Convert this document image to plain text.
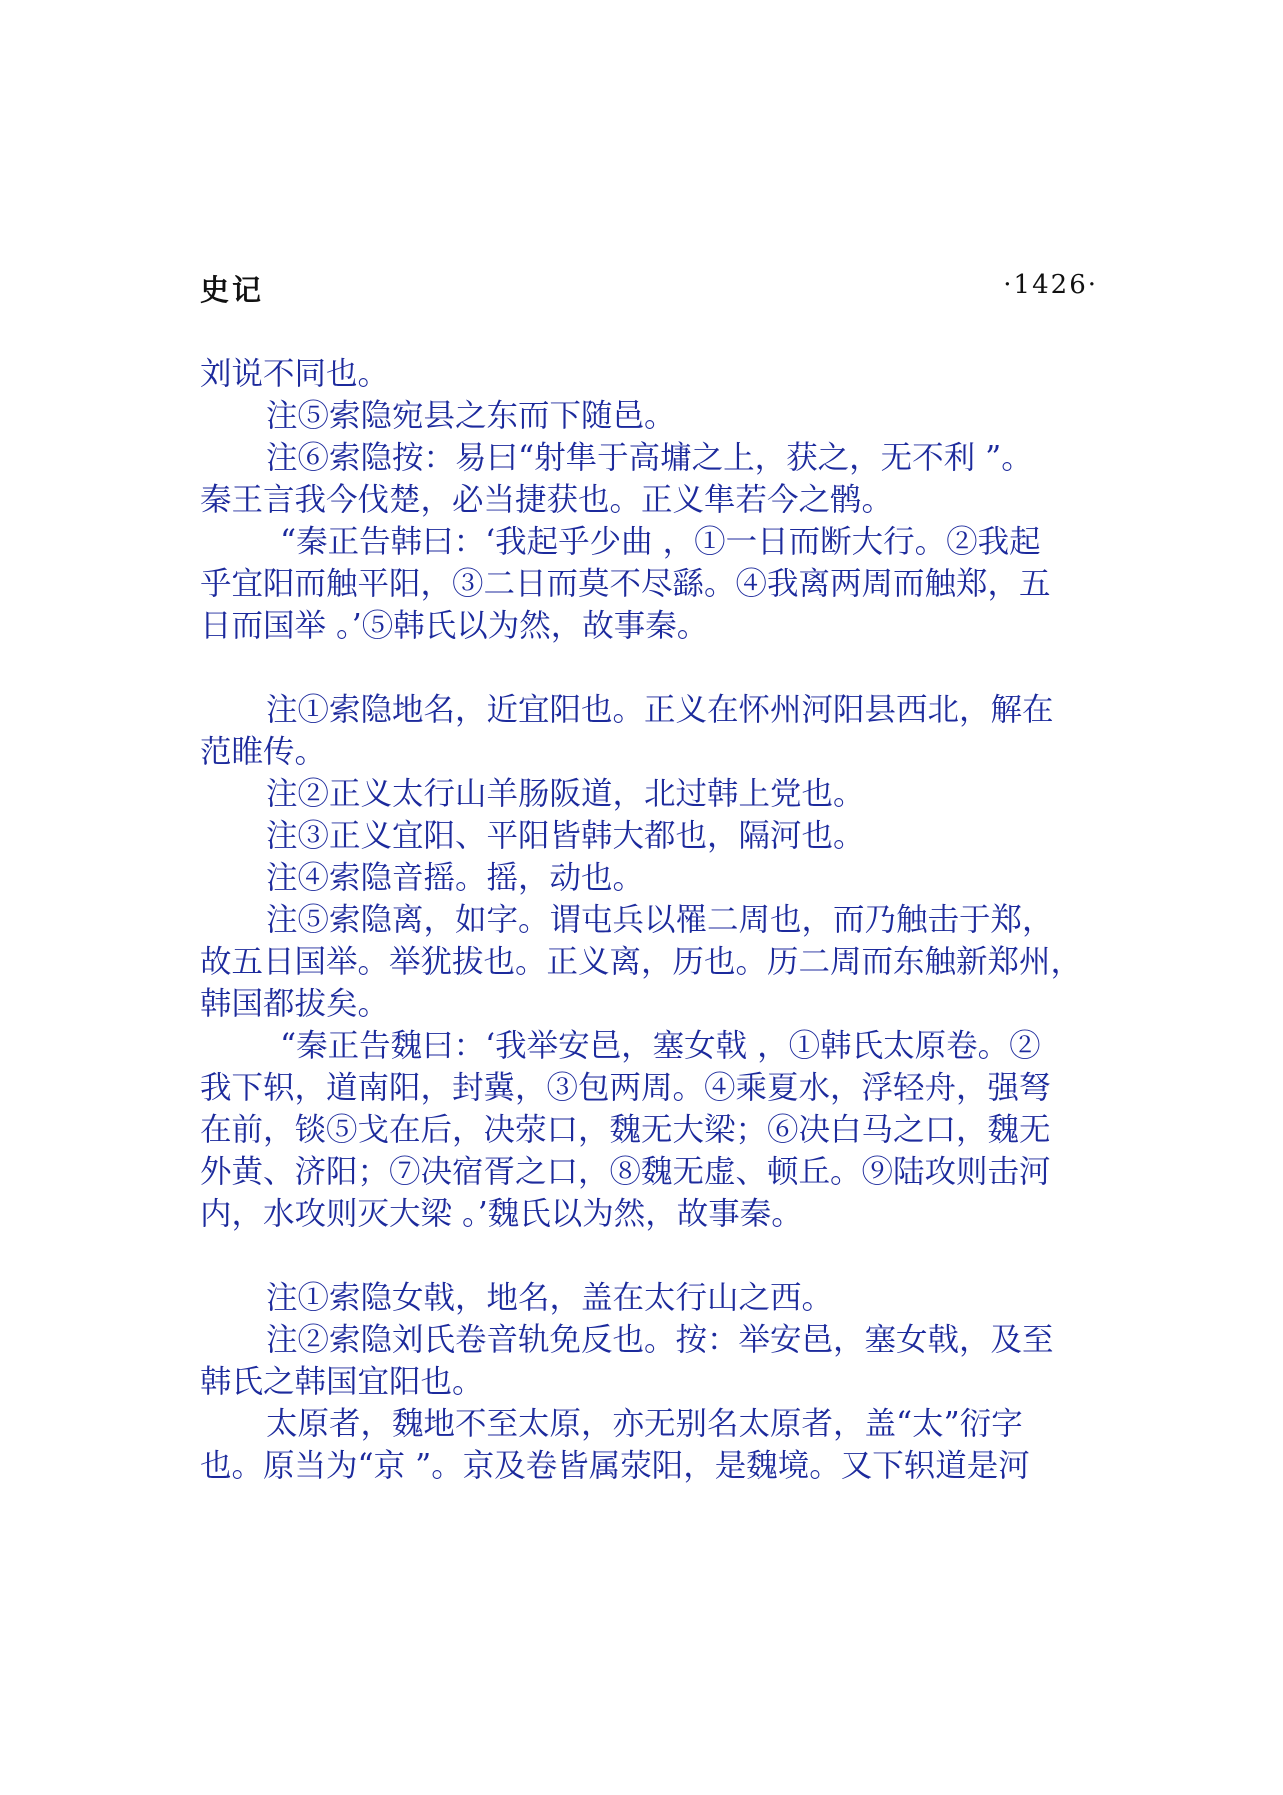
史记	·1426·

刘说不同也。

注⑤索隐宛县之东而下随邑。

注⑥索隐按：易曰“射隼于高墉之上，获之，无不利 ”。

秦王言我今伐楚，必当捷获也。正义隼若今之鹘。

“秦正告韩曰：‘我起乎少曲 ，①一日而断大行。②我起

乎宜阳而触平阳，③二日而莫不尽繇。④我离两周而触郑，五

日而国举 。’⑤韩氏以为然，故事秦。

注①索隐地名，近宜阳也。正义在怀州河阳县西北，解在

范睢传。

注②正义太行山羊肠阪道，北过韩上党也。

注③正义宜阳、平阳皆韩大都也，隔河也。

注④索隐音摇。摇，动也。

注⑤索隐离，如字。谓屯兵以罹二周也，而乃触击于郑，

故五日国举。举犹拔也。正义离，历也。历二周而东触新郑州，

韩国都拔矣。

“秦正告魏曰：‘我举安邑，塞女戟 ，①韩氏太原卷。②

我下轵，道南阳，封冀，③包两周。④乘夏水，浮轻舟，强弩

在前，锬⑤戈在后，决荥口，魏无大梁；⑥决白马之口，魏无

外黄、济阳；⑦决宿胥之口，⑧魏无虚、顿丘。⑨陆攻则击河

内，水攻则灭大梁 。’魏氏以为然，故事秦。

注①索隐女戟，地名，盖在太行山之西。

注②索隐刘氏卷音轨免反也。按：举安邑，塞女戟，及至

韩氏之韩国宜阳也。

太原者，魏地不至太原，亦无别名太原者，盖“太”衍字

也。原当为“京 ”。京及卷皆属荥阳，是魏境。又下轵道是河
